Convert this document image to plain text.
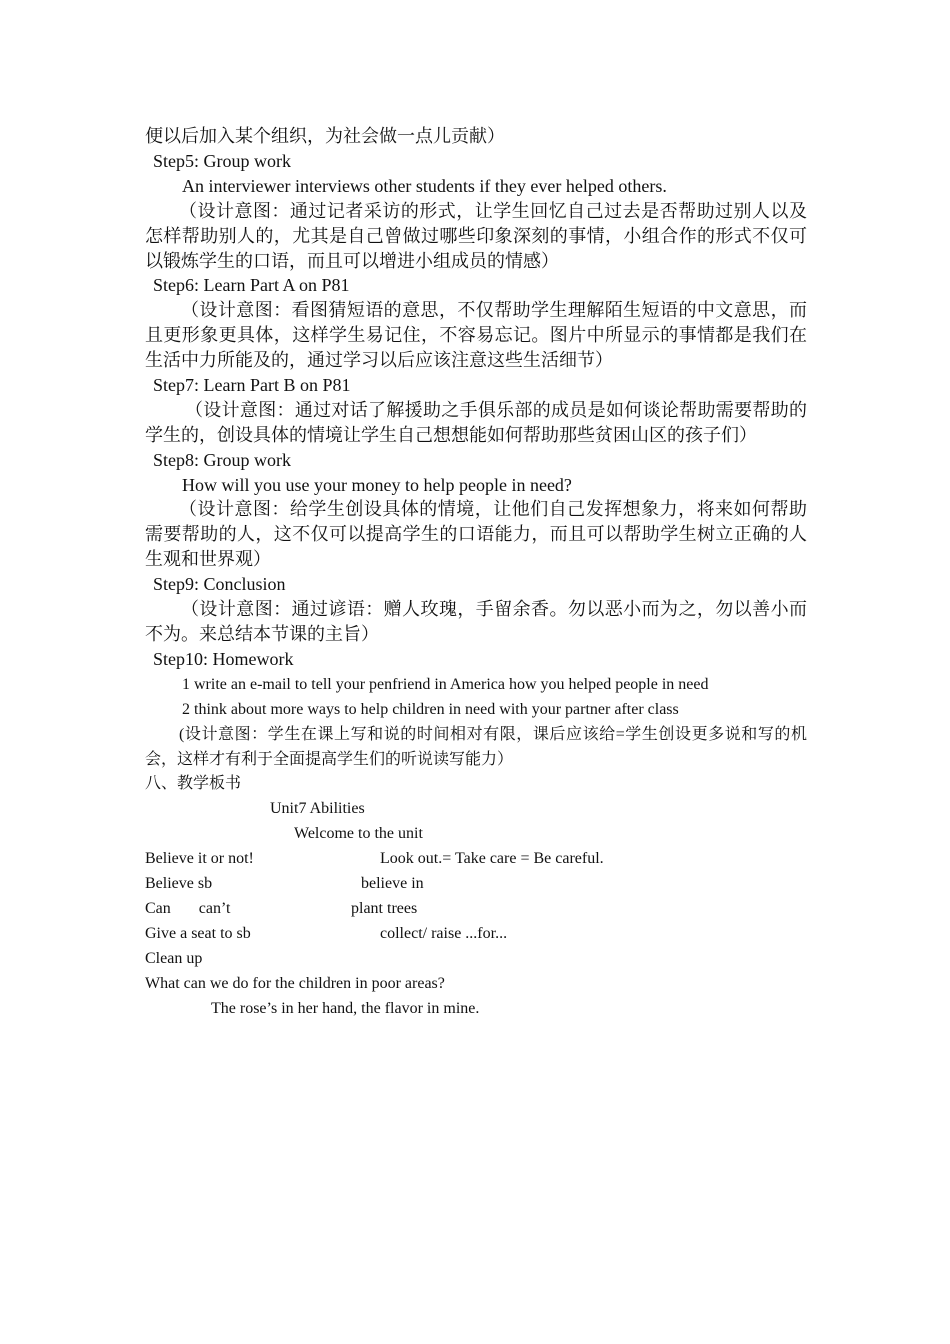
便以后加入某个组织，为社会做一点儿贡献）
Step5: Group work
An interviewer interviews other students if they ever helped others.
（设计意图：通过记者采访的形式，让学生回忆自己过去是否帮助过别人以及怎样帮助别人的，尤其是自己曾做过哪些印象深刻的事情，小组合作的形式不仅可以锻炼学生的口语，而且可以增进小组成员的情感）
Step6: Learn Part A on P81
（设计意图：看图猜短语的意思，不仅帮助学生理解陌生短语的中文意思，而且更形象更具体，这样学生易记住，不容易忘记。图片中所显示的事情都是我们在生活中力所能及的，通过学习以后应该注意这些生活细节）
Step7: Learn Part B on P81
（设计意图：通过对话了解援助之手俱乐部的成员是如何谈论帮助需要帮助的学生的，创设具体的情境让学生自己想想能如何帮助那些贫困山区的孩子们）
Step8: Group work
How will you use your money to help people in need?
（设计意图：给学生创设具体的情境，让他们自己发挥想象力，将来如何帮助需要帮助的人，这不仅可以提高学生的口语能力，而且可以帮助学生树立正确的人生观和世界观）
Step9: Conclusion
（设计意图：通过谚语：赠人玫瑰，手留余香。勿以恶小而为之，勿以善小而不为。来总结本节课的主旨）
Step10: Homework
1 write an e-mail to tell your penfriend in America how you helped people in need
2 think about more ways to help children in need with your partner after class
(设计意图：学生在课上写和说的时间相对有限，课后应该给=学生创设更多说和写的机会，这样才有利于全面提高学生们的听说读写能力）
八、教学板书
Unit7 Abilities
Welcome to the unit
Believe it or not!	Look out.= Take care = Be careful.
Believe sb	believe in
Can       can’t	plant trees
Give a seat to sb	collect/ raise ...for...
Clean up
What can we do for the children in poor areas?
The rose’s in her hand, the flavor in mine.
